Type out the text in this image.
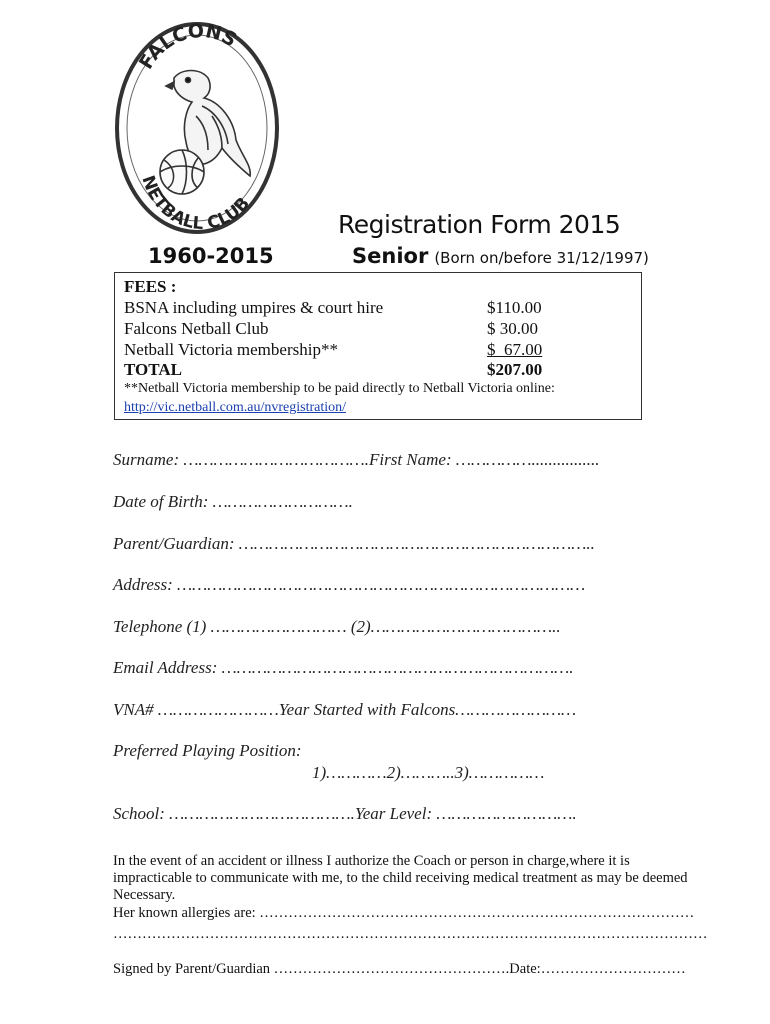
FALCONS
NETBALL CLUB
Registration Form 2015
1960-2015	Senior (Born on/before 31/12/1997)
FEES :
BSNA including umpires & court hire	$110.00
Falcons Netball Club	$ 30.00
Netball Victoria membership**	$  67.00
TOTAL	$207.00
**Netball Victoria membership to be paid directly to Netball Victoria online:
http://vic.netball.com.au/nvregistration/
Surname: ……………………………….First Name: ……………................
Date of Birth: ……………………….
Parent/Guardian: ……………………………………………………………..
Address: ………………………………………………………………………
Telephone (1) ……………………… (2)………………………………..
Email Address: …………………………………………………………….
VNA# ……………………Year Started with Falcons……………………
Preferred Playing Position:
1)…………2)………..3)……………
School: ……………………………….Year Level: ……………………….
In the event of an accident or illness I authorize the Coach or person in charge,where it is
impracticable to communicate with me, to the child receiving medical treatment as may be deemed
Necessary.
Her known allergies are: ………………………………………………………………………………
……………………………………………………………………………………………………………
Signed by Parent/Guardian ………………………………………….Date:…………………………
